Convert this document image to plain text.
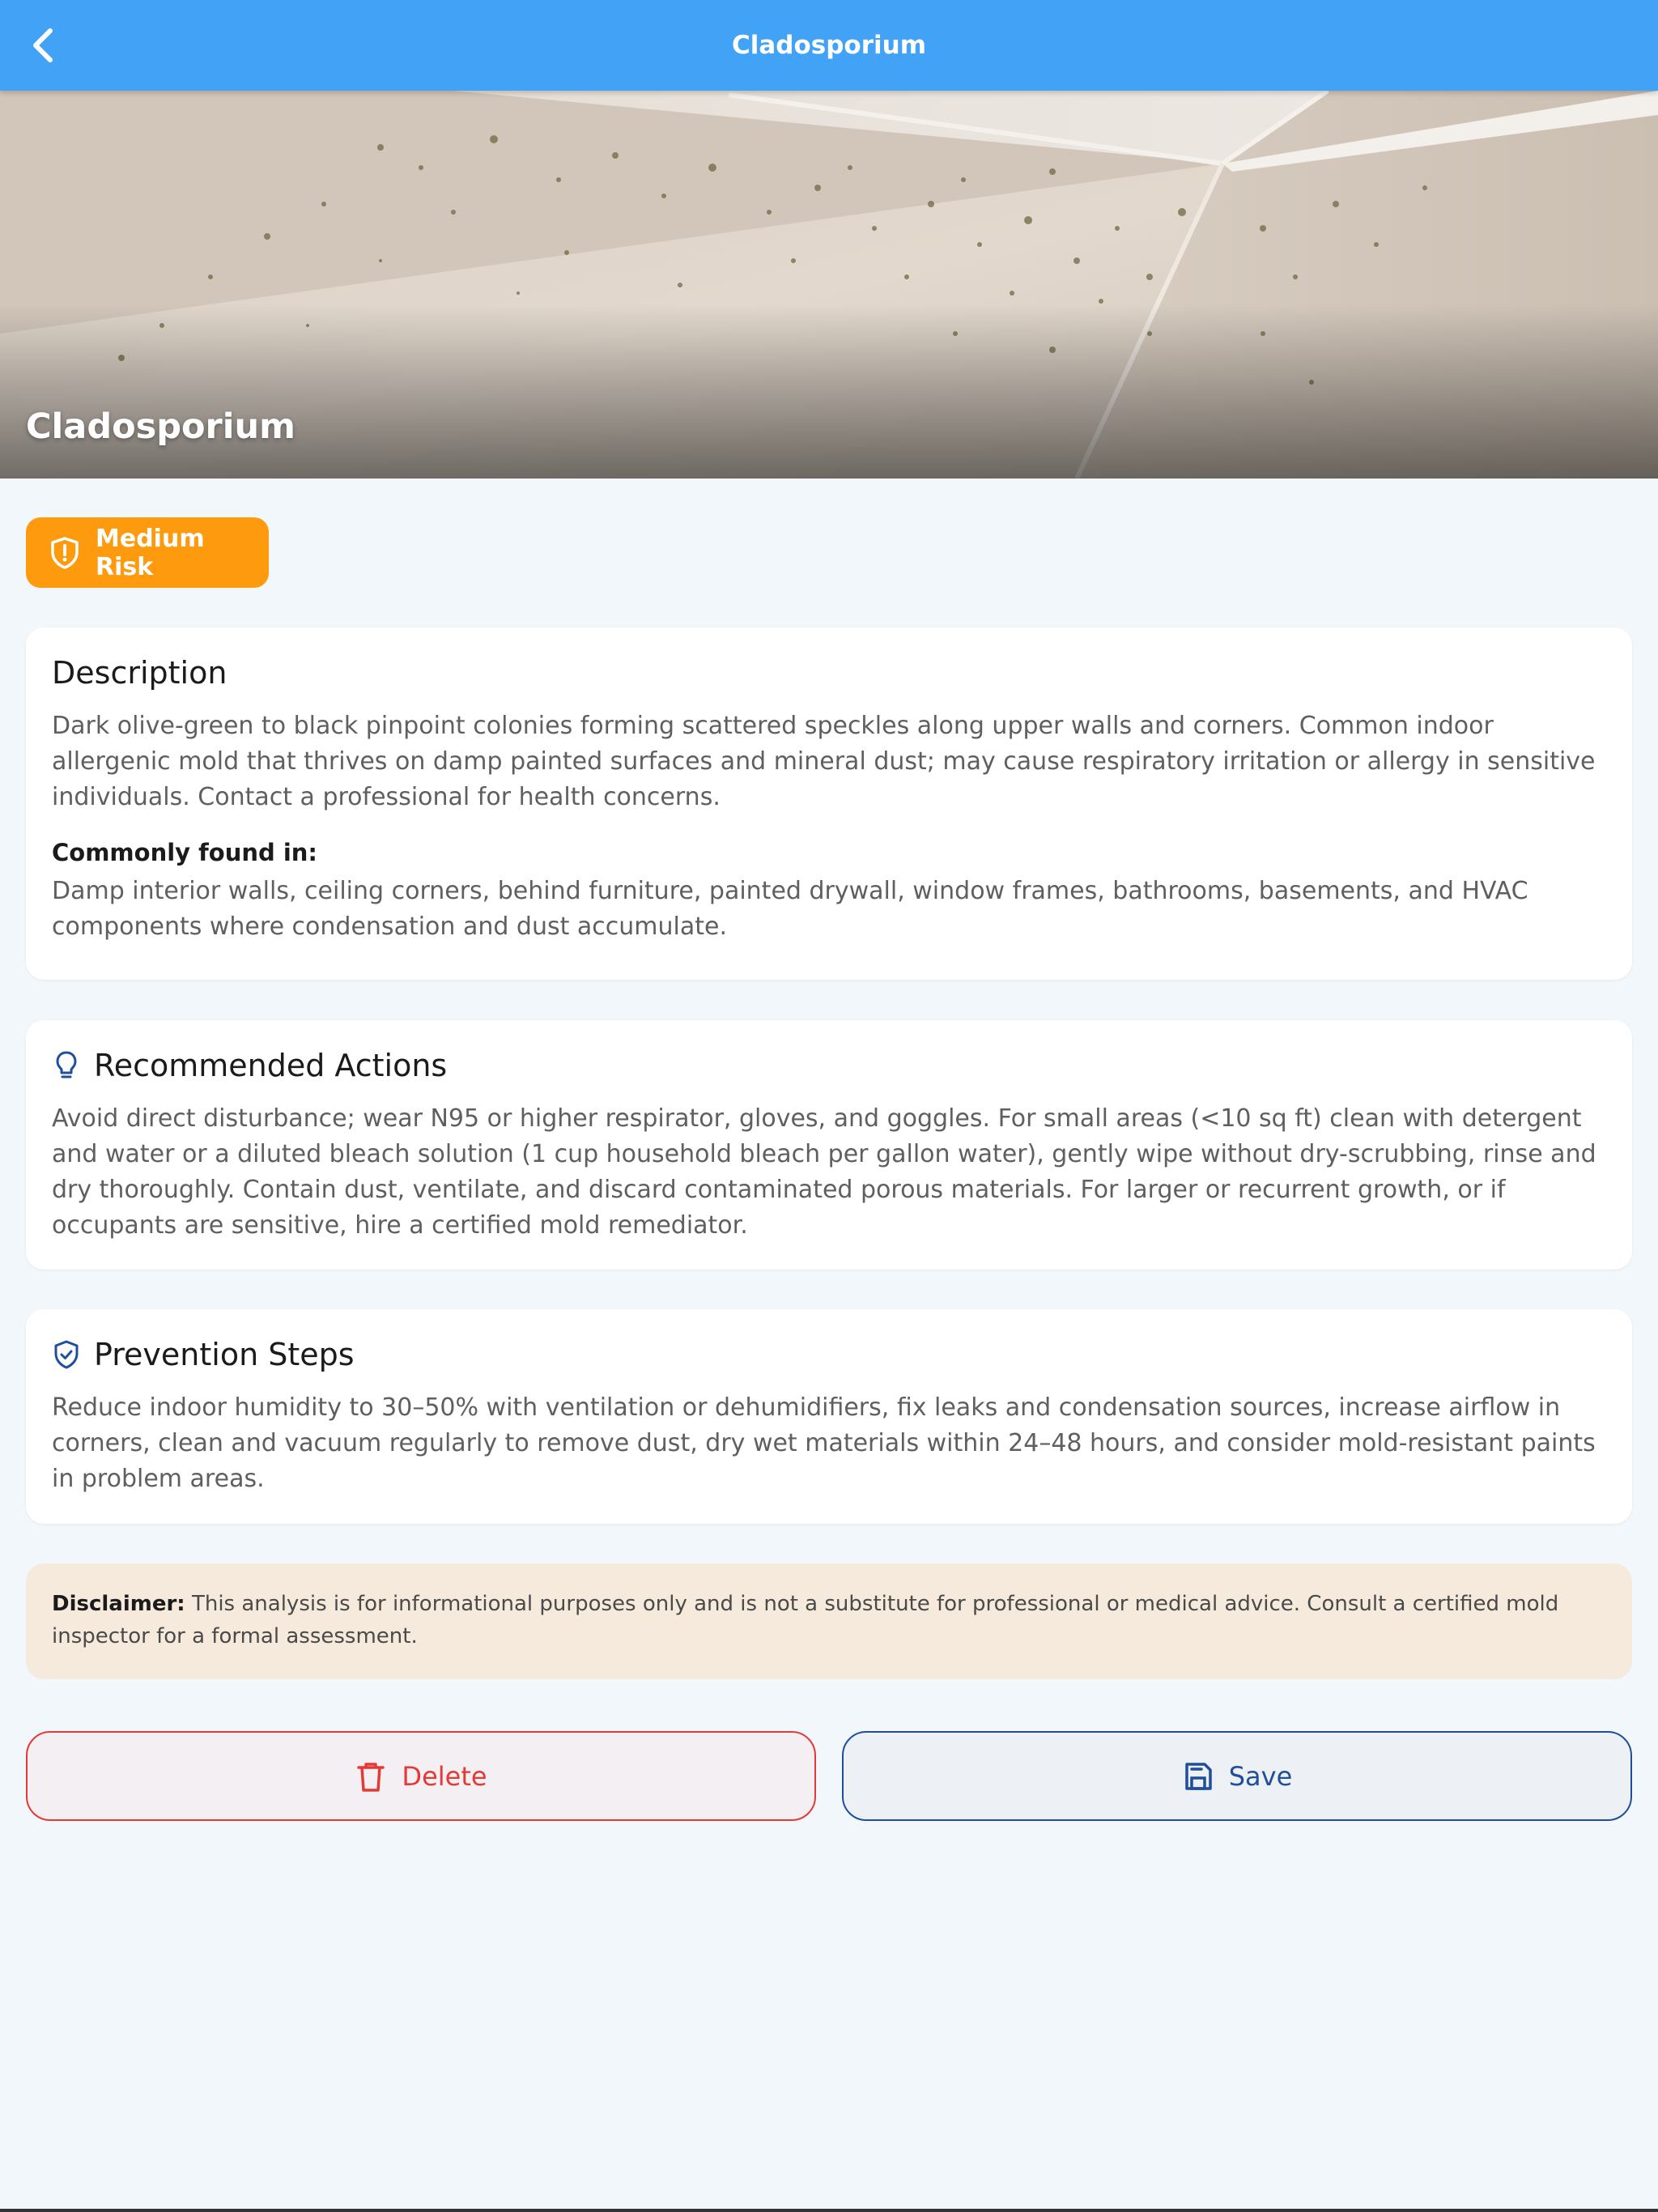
Cladosporium
Cladosporium
Medium Risk
Description

Dark olive-green to black pinpoint colonies forming scattered speckles along upper walls and corners. Common indoor allergenic mold that thrives on damp painted surfaces and mineral dust; may cause respiratory irritation or allergy in sensitive individuals. Contact a professional for health concerns.

Commonly found in:

Damp interior walls, ceiling corners, behind furniture, painted drywall, window frames, bathrooms, basements, and HVAC components where condensation and dust accumulate.

Recommended Actions

Avoid direct disturbance; wear N95 or higher respirator, gloves, and goggles. For small areas (<10 sq ft) clean with detergent and water or a diluted bleach solution (1 cup household bleach per gallon water), gently wipe without dry-scrubbing, rinse and dry thoroughly. Contain dust, ventilate, and discard contaminated porous materials. For larger or recurrent growth, or if occupants are sensitive, hire a certified mold remediator.

Prevention Steps

Reduce indoor humidity to 30–50% with ventilation or dehumidifiers, fix leaks and condensation sources, increase airflow in corners, clean and vacuum regularly to remove dust, dry wet materials within 24–48 hours, and consider mold-resistant paints in problem areas.

Disclaimer: This analysis is for informational purposes only and is not a substitute for professional or medical advice. Consult a certified mold inspector for a formal assessment.
Delete	Save
